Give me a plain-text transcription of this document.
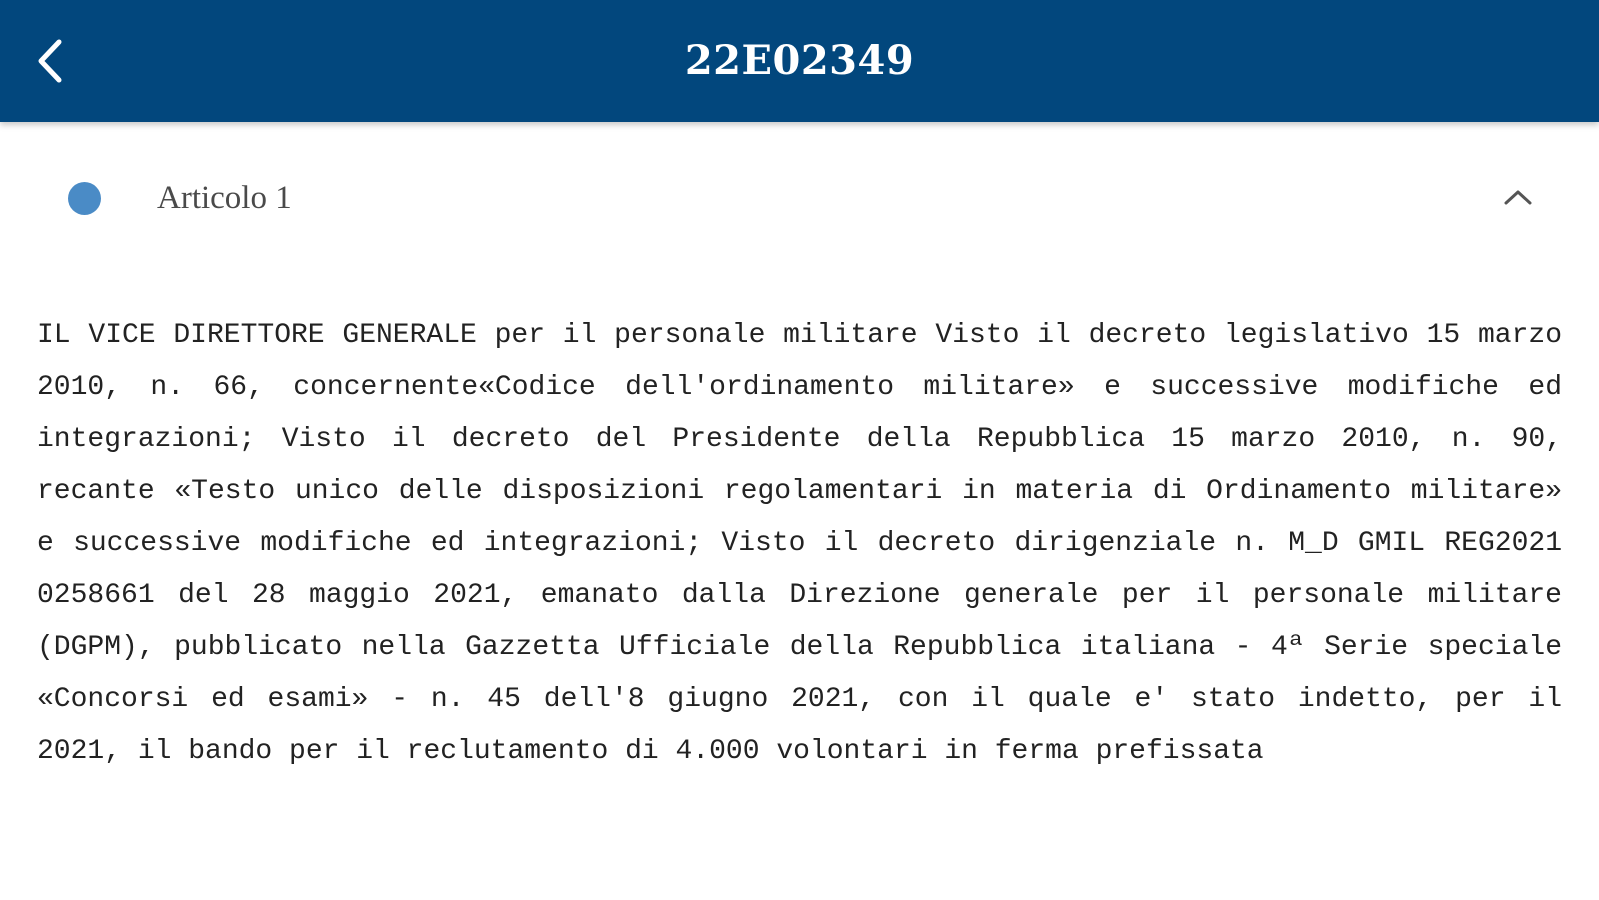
22E02349
Articolo 1

IL VICE DIRETTORE GENERALE per il personale militare Visto il decreto legislativo 15 marzo 2010, n. 66, concernente«Codice dell'ordinamento militare» e successive modifiche ed integrazioni; Visto il decreto del Presidente della Repubblica 15 marzo 2010, n. 90, recante «Testo unico delle disposizioni regolamentari in materia di Ordinamento militare» e successive modifiche ed integrazioni; Visto il decreto dirigenziale n. M_D GMIL REG2021 0258661 del 28 maggio 2021, emanato dalla Direzione generale per il personale militare (DGPM), pubblicato nella Gazzetta Ufficiale della Repubblica italiana - 4ª Serie speciale «Concorsi ed esami» - n. 45 dell'8 giugno 2021, con il quale e' stato indetto, per il 2021, il bando per il reclutamento di 4.000 volontari in ferma prefissata
